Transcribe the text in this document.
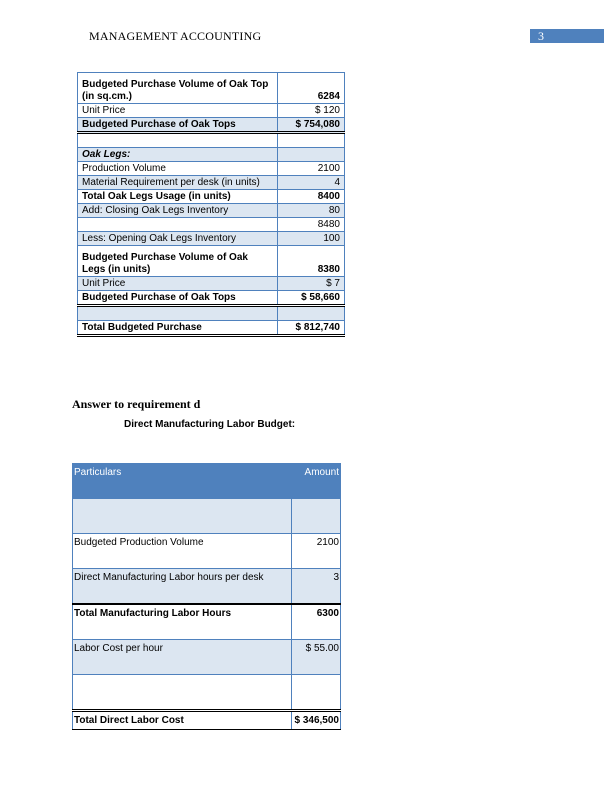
MANAGEMENT ACCOUNTING	3
Budgeted Purchase Volume of Oak Top (in sq.cm.)	6284
Unit Price	$ 120
Budgeted Purchase of Oak Tops	$ 754,080

Oak Legs:	
Production Volume	2100
Material Requirement per desk (in units)	4
Total Oak Legs Usage (in units)	8400
Add: Closing Oak Legs Inventory	80
	8480
Less: Opening Oak Legs Inventory	100
Budgeted Purchase Volume of Oak Legs (in units)	8380
Unit Price	$ 7
Budgeted Purchase of Oak Tops	$ 58,660

Total Budgeted Purchase	$ 812,740
Answer to requirement d
Direct Manufacturing Labor Budget:
Particulars	Amount

Budgeted Production Volume	2100
Direct Manufacturing Labor hours per desk	3
Total Manufacturing Labor Hours	6300
Labor Cost per hour	$ 55.00

Total Direct Labor Cost	$ 346,500
